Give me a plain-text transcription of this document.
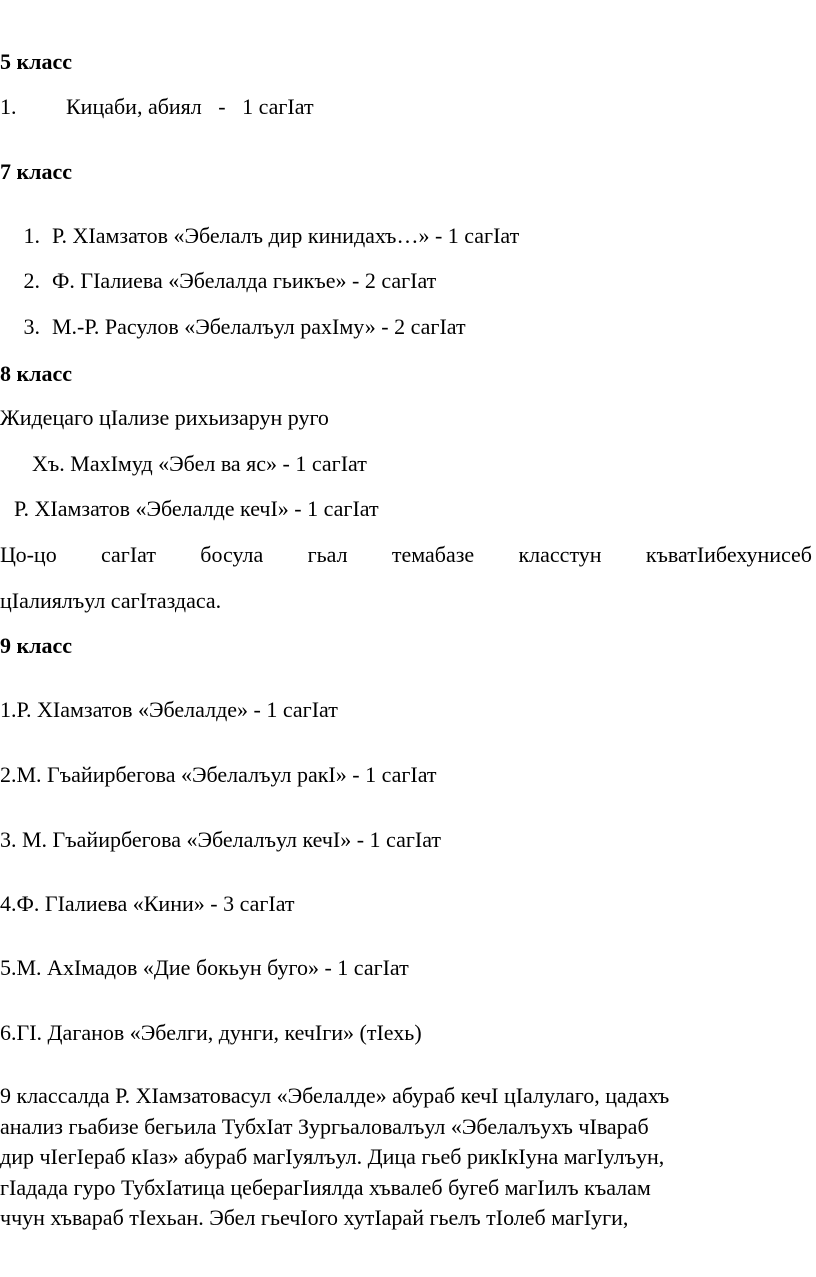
5 класс
1. Кицаби, абиял   -   1 сагIат
7 класс
1. Р. ХIамзатов «Эбелалъ дир кинидахъ…» - 1 сагIат
2. Ф. ГIалиева «Эбелалда гьикъе» - 2 сагIат
3. М.-Р. Расулов «Эбелалъул рахIму» - 2 сагIат
8 класс
Жидецаго цIализе рихьизарун руго
Хъ. МахIмуд «Эбел ва яс» - 1 сагIат
Р. ХIамзатов «Эбелалде кечI» - 1 сагIат
Цо-цо сагIат босула гьал темабазе класстун къватIибехунисеб
цIалиялъул сагIтаздаса.
9 класс
1.Р. ХIамзатов «Эбелалде» - 1 сагIат
2.М. Гъайирбегова «Эбелалъул ракI» - 1 сагIат
3. М. Гъайирбегова «Эбелалъул кечI» - 1 сагIат
4.Ф. ГIалиева «Кини» - 3 сагIат
5.М. АхIмадов «Дие бокьун буго» - 1 сагIат
6.ГI. Даганов «Эбелги, дунги, кечIги» (тIехь)
9 классалда Р. ХIамзатовасул «Эбелалде» абураб кечI цIалулаго, цадахъ
анализ гьабизе бегьила ТубхIат Зургьаловалъул «Эбелалъухъ чIвараб
дир чIегIераб кIаз» абураб магIуялъул. Дица гьеб рикIкIуна магIулъун,
гIадада гуро ТубхIатица цеберагIиялда хъвалеб бугеб магIилъ къалам
ччун хъвараб тIехьан. Эбел гьечIого хутIарай гьелъ тIолеб магIуги,
